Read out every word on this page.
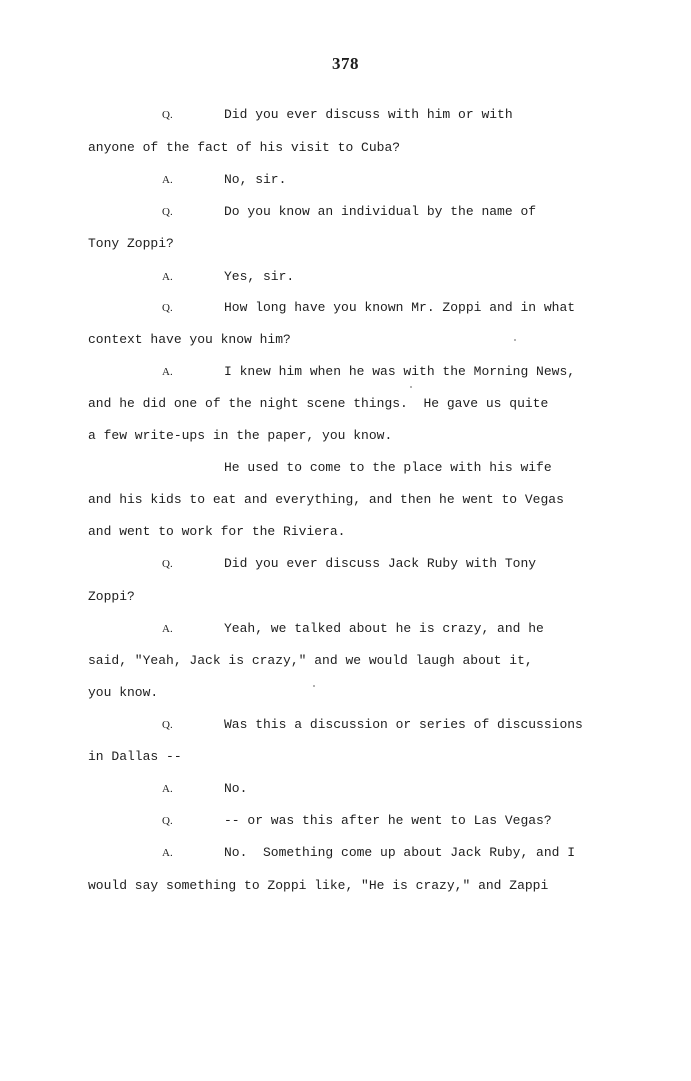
378
Q.	Did you ever discuss with him or with
anyone of the fact of his visit to Cuba?
A.	No, sir.
Q.	Do you know an individual by the name of
Tony Zoppi?
A.	Yes, sir.
Q.	How long have you known Mr. Zoppi and in what
context have you know him?
A.	I knew him when he was with the Morning News,
and he did one of the night scene things.  He gave us quite
a few write-ups in the paper, you know.
He used to come to the place with his wife
and his kids to eat and everything, and then he went to Vegas
and went to work for the Riviera.
Q.	Did you ever discuss Jack Ruby with Tony
Zoppi?
A.	Yeah, we talked about he is crazy, and he
said, "Yeah, Jack is crazy," and we would laugh about it,
you know.
Q.	Was this a discussion or series of discussions
in Dallas --
A.	No.
Q.	-- or was this after he went to Las Vegas?
A.	No.  Something come up about Jack Ruby, and I
would say something to Zoppi like, "He is crazy," and Zappi
